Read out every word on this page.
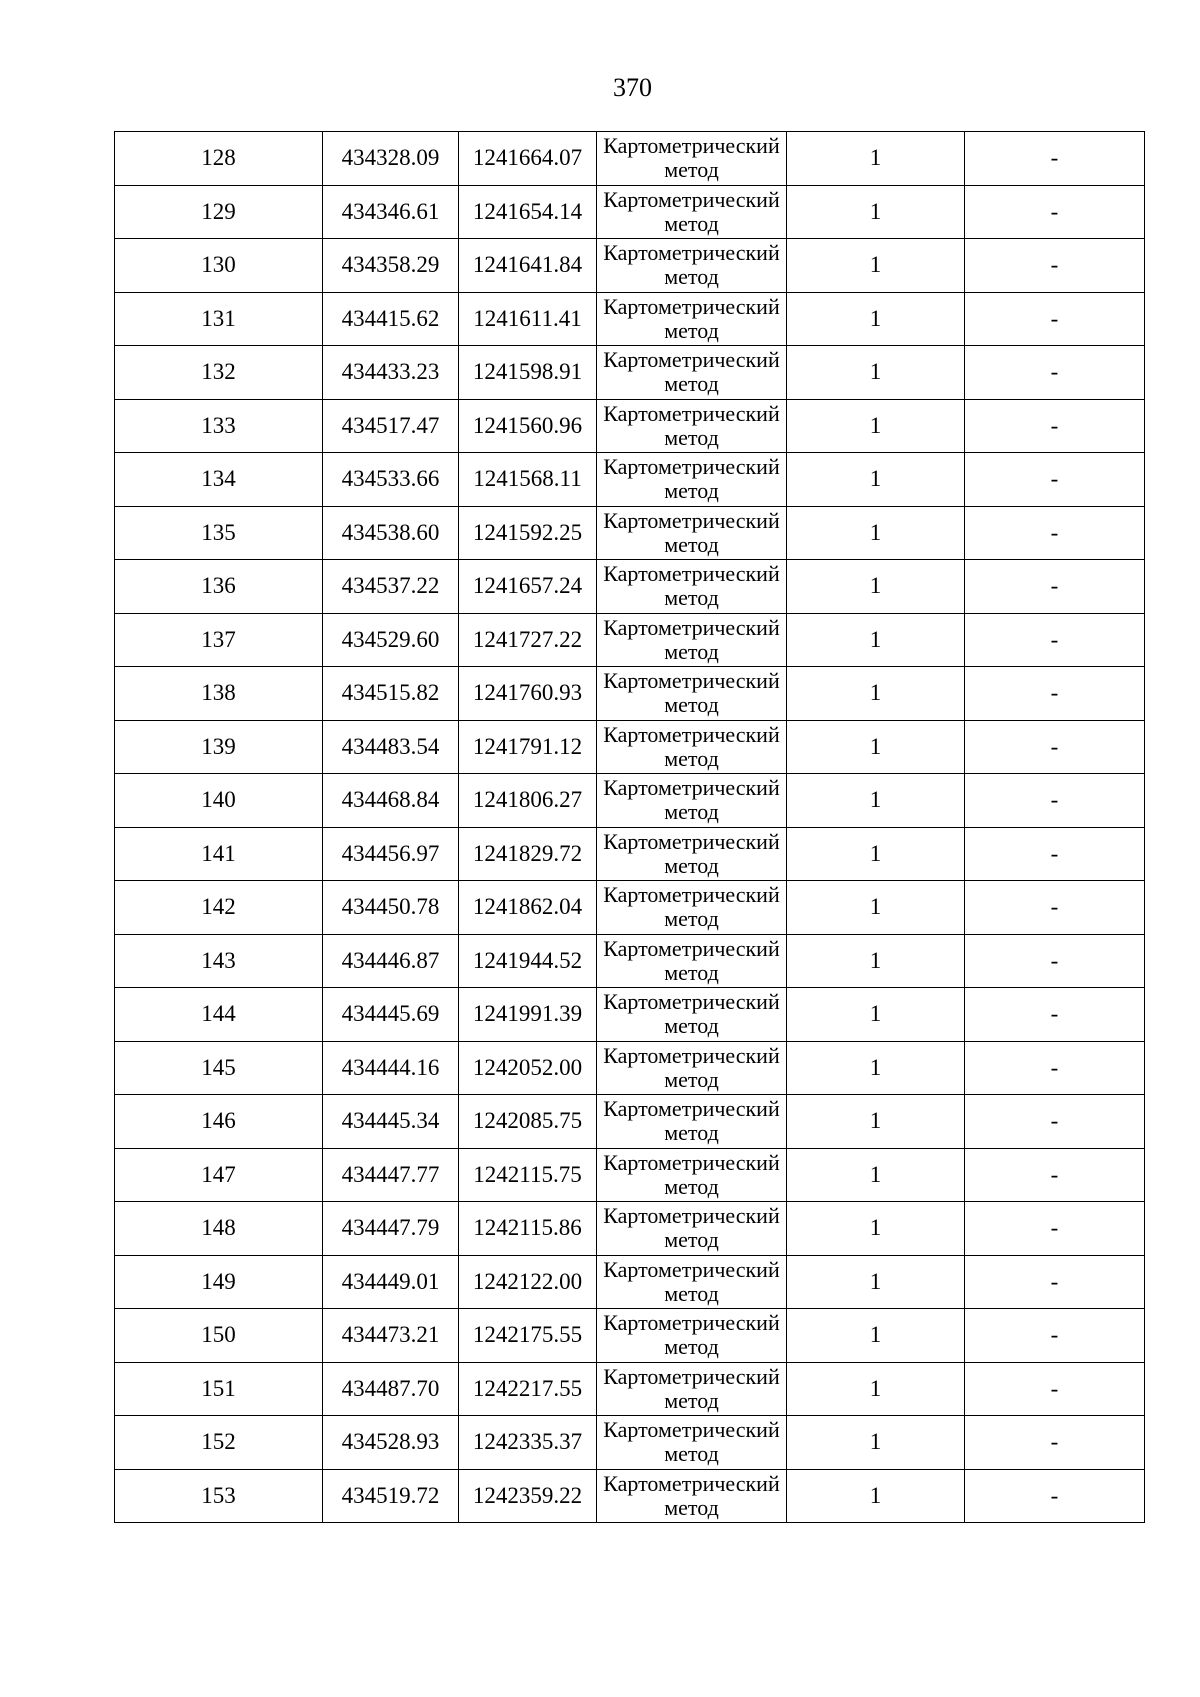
370
128	434328.09	1241664.07	Картометрический метод	1	-
129	434346.61	1241654.14	Картометрический метод	1	-
130	434358.29	1241641.84	Картометрический метод	1	-
131	434415.62	1241611.41	Картометрический метод	1	-
132	434433.23	1241598.91	Картометрический метод	1	-
133	434517.47	1241560.96	Картометрический метод	1	-
134	434533.66	1241568.11	Картометрический метод	1	-
135	434538.60	1241592.25	Картометрический метод	1	-
136	434537.22	1241657.24	Картометрический метод	1	-
137	434529.60	1241727.22	Картометрический метод	1	-
138	434515.82	1241760.93	Картометрический метод	1	-
139	434483.54	1241791.12	Картометрический метод	1	-
140	434468.84	1241806.27	Картометрический метод	1	-
141	434456.97	1241829.72	Картометрический метод	1	-
142	434450.78	1241862.04	Картометрический метод	1	-
143	434446.87	1241944.52	Картометрический метод	1	-
144	434445.69	1241991.39	Картометрический метод	1	-
145	434444.16	1242052.00	Картометрический метод	1	-
146	434445.34	1242085.75	Картометрический метод	1	-
147	434447.77	1242115.75	Картометрический метод	1	-
148	434447.79	1242115.86	Картометрический метод	1	-
149	434449.01	1242122.00	Картометрический метод	1	-
150	434473.21	1242175.55	Картометрический метод	1	-
151	434487.70	1242217.55	Картометрический метод	1	-
152	434528.93	1242335.37	Картометрический метод	1	-
153	434519.72	1242359.22	Картометрический метод	1	-
